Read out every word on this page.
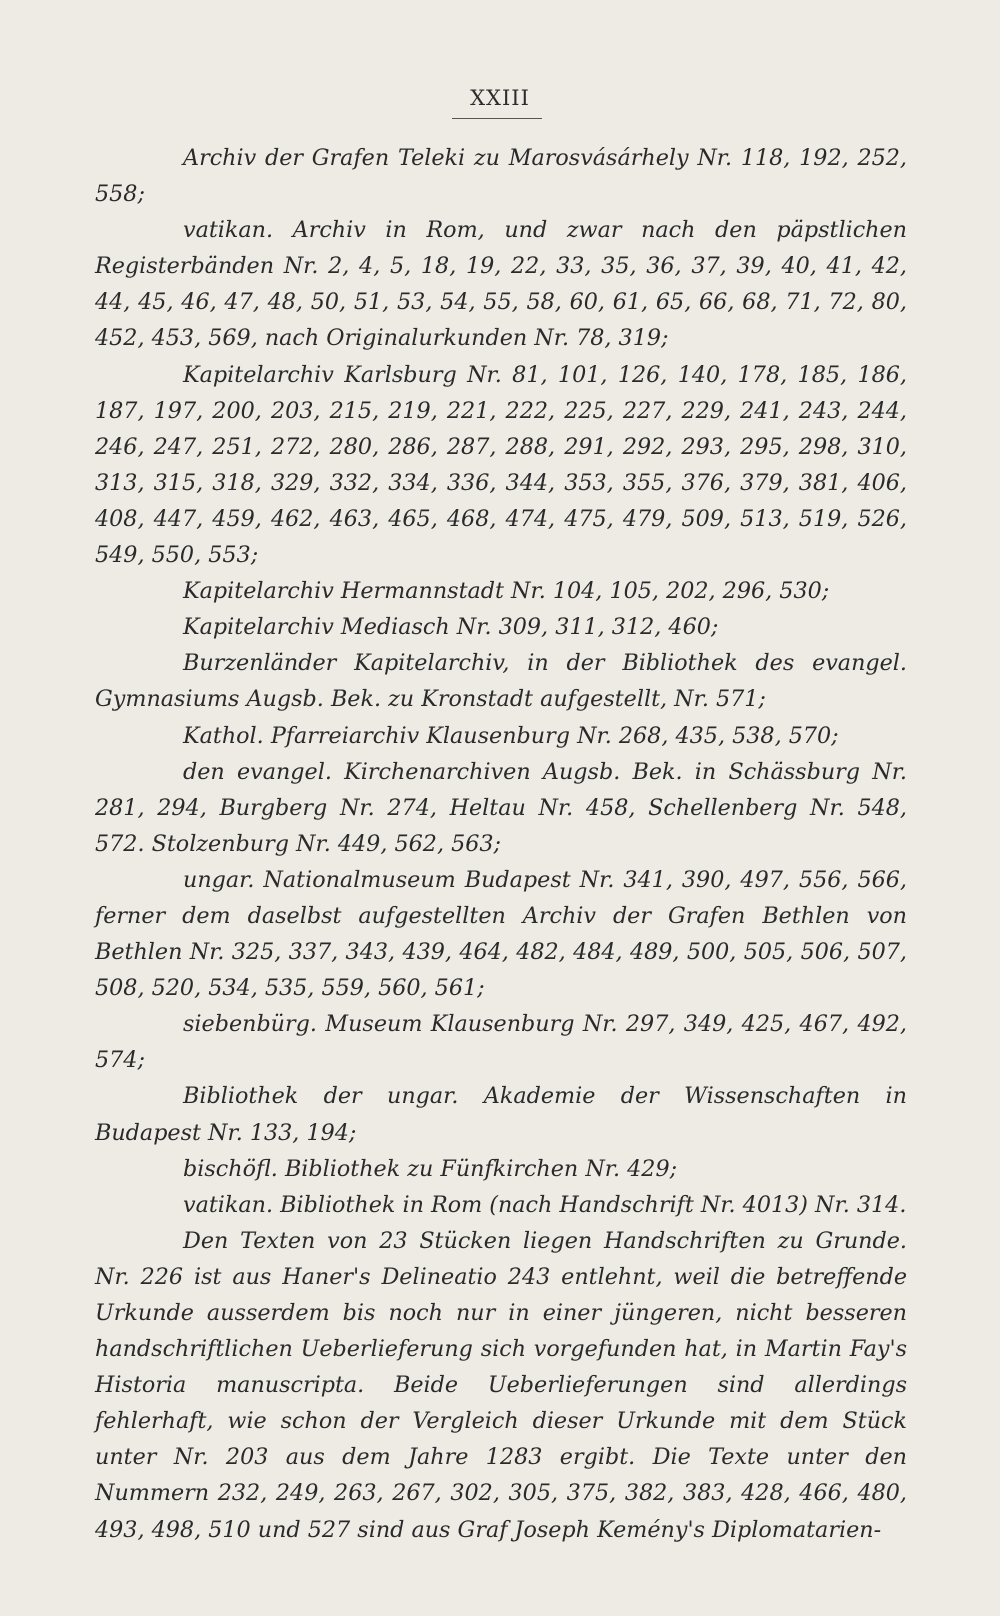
XXIII

Archiv der Grafen Teleki zu Marosvásárhely Nr. 118, 192, 252, 558;

vatikan. Archiv in Rom, und zwar nach den päpstlichen Registerbänden Nr. 2, 4, 5, 18, 19, 22, 33, 35, 36, 37, 39, 40, 41, 42, 44, 45, 46, 47, 48, 50, 51, 53, 54, 55, 58, 60, 61, 65, 66, 68, 71, 72, 80, 452, 453, 569, nach Originalurkunden Nr. 78, 319;

Kapitelarchiv Karlsburg Nr. 81, 101, 126, 140, 178, 185, 186, 187, 197, 200, 203, 215, 219, 221, 222, 225, 227, 229, 241, 243, 244, 246, 247, 251, 272, 280, 286, 287, 288, 291, 292, 293, 295, 298, 310, 313, 315, 318, 329, 332, 334, 336, 344, 353, 355, 376, 379, 381, 406, 408, 447, 459, 462, 463, 465, 468, 474, 475, 479, 509, 513, 519, 526, 549, 550, 553;

Kapitelarchiv Hermannstadt Nr. 104, 105, 202, 296, 530;

Kapitelarchiv Mediasch Nr. 309, 311, 312, 460;

Burzenländer Kapitelarchiv, in der Bibliothek des evangel. Gymnasiums Augsb. Bek. zu Kronstadt aufgestellt, Nr. 571;

Kathol. Pfarreiarchiv Klausenburg Nr. 268, 435, 538, 570;

den evangel. Kirchenarchiven Augsb. Bek. in Schässburg Nr. 281, 294, Burgberg Nr. 274, Heltau Nr. 458, Schellenberg Nr. 548, 572. Stolzenburg Nr. 449, 562, 563;

ungar. Nationalmuseum Budapest Nr. 341, 390, 497, 556, 566, ferner dem daselbst aufgestellten Archiv der Grafen Bethlen von Bethlen Nr. 325, 337, 343, 439, 464, 482, 484, 489, 500, 505, 506, 507, 508, 520, 534, 535, 559, 560, 561;

siebenbürg. Museum Klausenburg Nr. 297, 349, 425, 467, 492, 574;

Bibliothek der ungar. Akademie der Wissenschaften in Budapest Nr. 133, 194;

bischöfl. Bibliothek zu Fünfkirchen Nr. 429;

vatikan. Bibliothek in Rom (nach Handschrift Nr. 4013) Nr. 314.

Den Texten von 23 Stücken liegen Handschriften zu Grunde. Nr. 226 ist aus Haner's Delineatio 243 entlehnt, weil die betreffende Urkunde ausserdem bis noch nur in einer jüngeren, nicht besseren handschriftlichen Ueberlieferung sich vorgefunden hat, in Martin Fay's Historia manuscripta. Beide Ueberlieferungen sind allerdings fehlerhaft, wie schon der Vergleich dieser Urkunde mit dem Stück unter Nr. 203 aus dem Jahre 1283 ergibt. Die Texte unter den Nummern 232, 249, 263, 267, 302, 305, 375, 382, 383, 428, 466, 480, 493, 498, 510 und 527 sind aus Graf Joseph Kemény's Diplomatarien-
